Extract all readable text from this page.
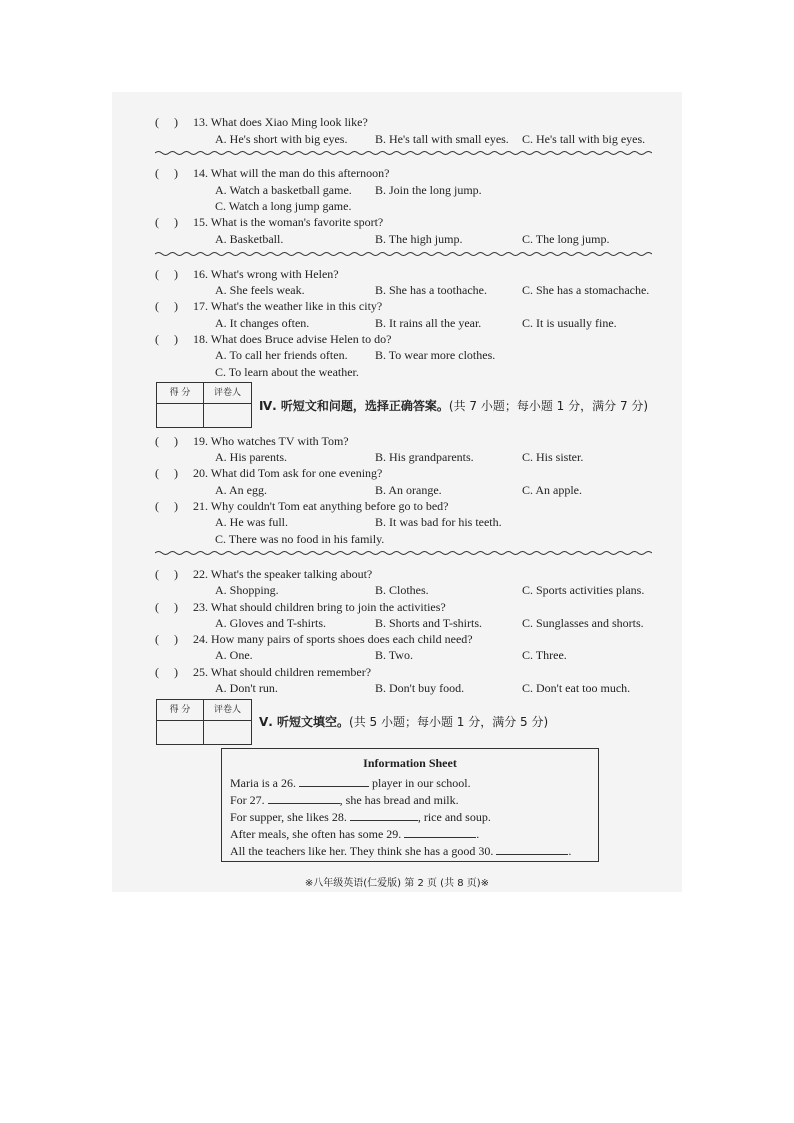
(     ) 13. What does Xiao Ming look like?
A. He's short with big eyes. B. He's tall with small eyes. C. He's tall with big eyes.
(     ) 14. What will the man do this afternoon?
A. Watch a basketball game. B. Join the long jump.
C. Watch a long jump game.
(     ) 15. What is the woman's favorite sport?
A. Basketball.	B. The high jump.	C. The long jump.
(     ) 16. What's wrong with Helen?
A. She feels weak.	B. She has a toothache.	C. She has a stomachache.
(     ) 17. What's the weather like in this city?
A. It changes often.	B. It rains all the year.	C. It is usually fine.
(     ) 18. What does Bruce advise Helen to do?
A. To call her friends often. B. To wear more clothes.
C. To learn about the weather.
得 分	评卷人
Ⅳ. 听短文和问题，选择正确答案。(共 7 小题；每小题 1 分，满分 7 分)
(     ) 19. Who watches TV with Tom?
A. His parents.	B. His grandparents.	C. His sister.
(     ) 20. What did Tom ask for one evening?
A. An egg.	B. An orange.	C. An apple.
(     ) 21. Why couldn't Tom eat anything before go to bed?
A. He was full.	B. It was bad for his teeth.
C. There was no food in his family.
(     ) 22. What's the speaker talking about?
A. Shopping.	B. Clothes.	C. Sports activities plans.
(     ) 23. What should children bring to join the activities?
A. Gloves and T-shirts.	B. Shorts and T-shirts.	C. Sunglasses and shorts.
(     ) 24. How many pairs of sports shoes does each child need?
A. One.	B. Two.	C. Three.
(     ) 25. What should children remember?
A. Don't run.	B. Don't buy food.	C. Don't eat too much.
得 分	评卷人
Ⅴ. 听短文填空。(共 5 小题；每小题 1 分，满分 5 分)
Information Sheet
Maria is a 26.	player in our school.
For 27.	, she has bread and milk.
For supper, she likes 28.	, rice and soup.
After meals, she often has some 29.	.
All the teachers like her. They think she has a good 30.	.
※八年级英语(仁爱版) 第 2 页 (共 8 页)※
